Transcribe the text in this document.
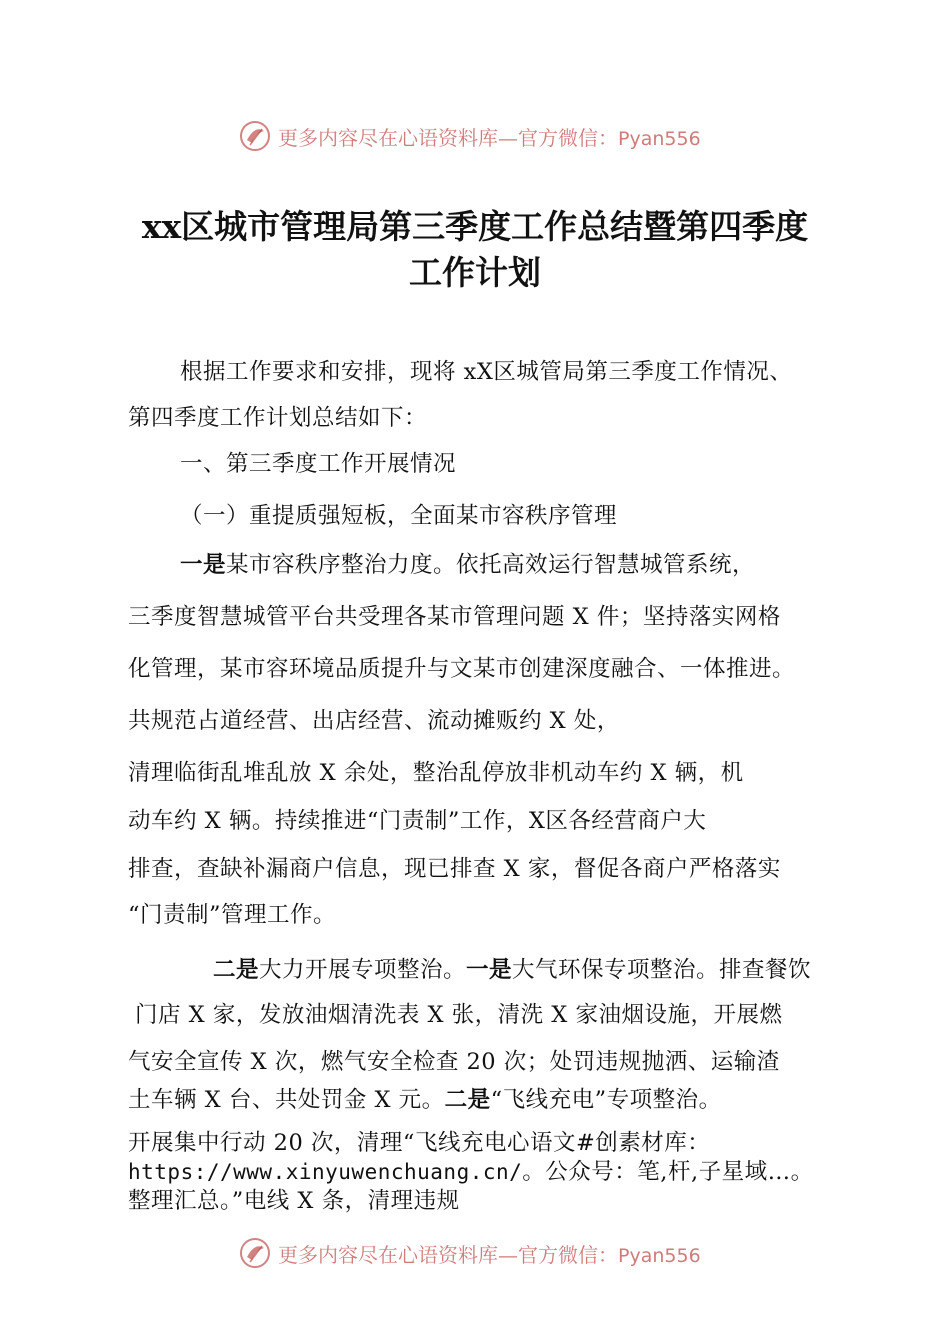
更多内容尽在心语资料库—官方微信：Pyan556
xx区城市管理局第三季度工作总结暨第四季度
工作计划
根据工作要求和安排，现将 xX区城管局第三季度工作情况、
第四季度工作计划总结如下：
一、第三季度工作开展情况
（一）重提质强短板，全面某市容秩序管理
一是某市容秩序整治力度。依托高效运行智慧城管系统，
三季度智慧城管平台共受理各某市管理问题 X 件；坚持落实网格
化管理，某市容环境品质提升与文某市创建深度融合、一体推进。
共规范占道经营、出店经营、流动摊贩约 X 处，
清理临街乱堆乱放 X 余处，整治乱停放非机动车约 X 辆，机
动车约 X 辆。持续推进“门责制”工作，X区各经营商户大
排查，查缺补漏商户信息，现已排查 X 家，督促各商户严格落实
“门责制”管理工作。
二是大力开展专项整治。一是大气环保专项整治。排查餐饮
门店 X 家，发放油烟清洗表 X 张，清洗 X 家油烟设施，开展燃
气安全宣传 X 次，燃气安全检查 20 次；处罚违规抛洒、运输渣
土车辆 X 台、共处罚金 X 元。二是“飞线充电”专项整治。
开展集中行动 20 次，清理“飞线充电心语文#创素材库：
https://www.xinyuwenchuang.cn/。公众号：笔,杆,子星域…。
整理汇总。”电线 X 条，清理违规
更多内容尽在心语资料库—官方微信：Pyan556
